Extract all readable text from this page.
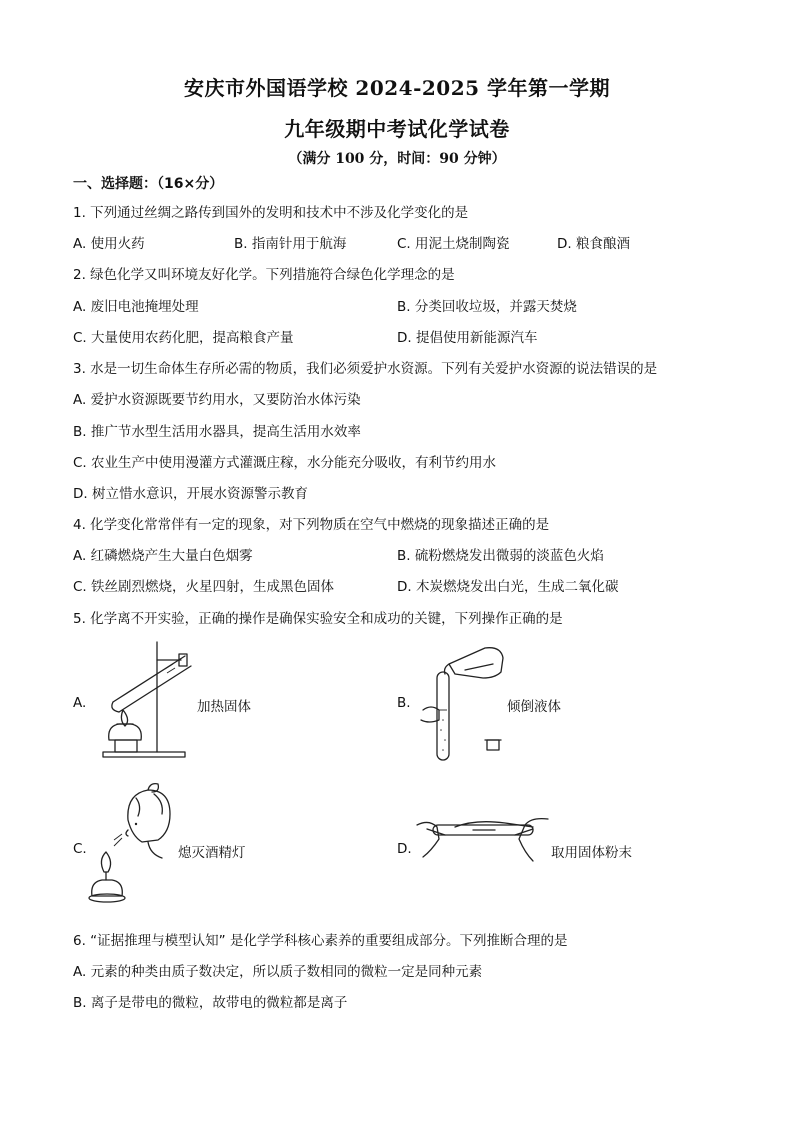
安庆市外国语学校 2024-2025 学年第一学期
九年级期中考试化学试卷
（满分 100 分，时间：90 分钟）
一、选择题：（16×分）
1. 下列通过丝绸之路传到国外的发明和技术中不涉及化学变化的是
A. 使用火药	B. 指南针用于航海	C. 用泥土烧制陶瓷	D. 粮食酿酒
2. 绿色化学又叫环境友好化学。下列措施符合绿色化学理念的是
A. 废旧电池掩埋处理	B. 分类回收垃圾，并露天焚烧
C. 大量使用农药化肥，提高粮食产量	D. 提倡使用新能源汽车
3. 水是一切生命体生存所必需的物质，我们必须爱护水资源。下列有关爱护水资源的说法错误的是
A. 爱护水资源既要节约用水，又要防治水体污染
B. 推广节水型生活用水器具，提高生活用水效率
C. 农业生产中使用漫灌方式灌溉庄稼，水分能充分吸收，有利节约用水
D. 树立惜水意识，开展水资源警示教育
4. 化学变化常常伴有一定的现象，对下列物质在空气中燃烧的现象描述正确的是
A. 红磷燃烧产生大量白色烟雾	B. 硫粉燃烧发出微弱的淡蓝色火焰
C. 铁丝剧烈燃烧，火星四射，生成黑色固体	D. 木炭燃烧发出白光，生成二氧化碳
5. 化学离不开实验，正确的操作是确保实验安全和成功的关键，下列操作正确的是
A.	加热固体	B.	倾倒液体
C.	熄灭酒精灯	D.	取用固体粉末
6. “证据推理与模型认知” 是化学学科核心素养的重要组成部分。下列推断合理的是
A. 元素的种类由质子数决定，所以质子数相同的微粒一定是同种元素
B. 离子是带电的微粒，故带电的微粒都是离子
